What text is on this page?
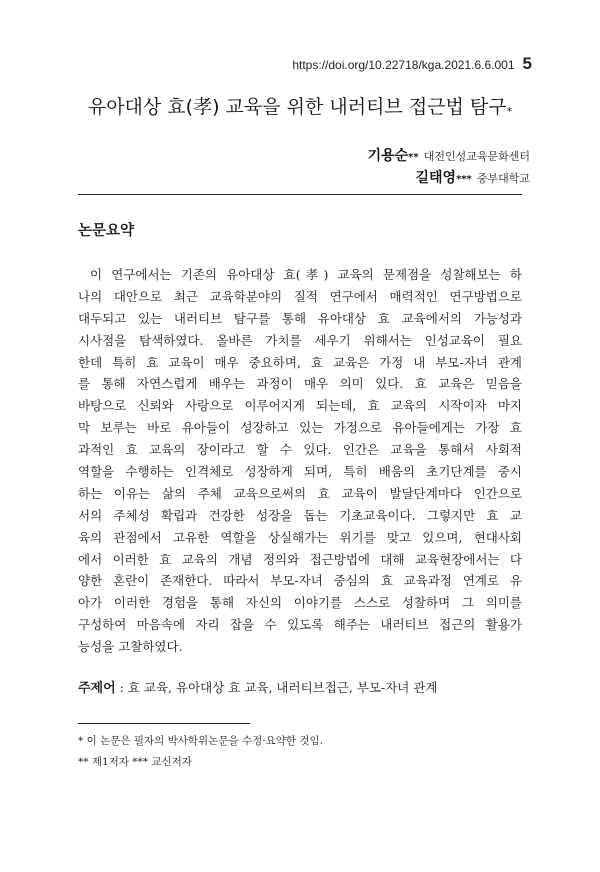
https://doi.org/10.22718/kga.2021.6.6.001 5
유아대상 효(孝) 교육을 위한 내러티브 접근법 탐구*
기용순** 대전인성교육문화센터
길태영*** 중부대학교
논문요약
이 연구에서는 기존의 유아대상 효(孝) 교육의 문제점을 성찰해보는 하
나의 대안으로 최근 교육학분야의 질적 연구에서 매력적인 연구방법으로
대두되고 있는 내러티브 탐구를 통해 유아대상 효 교육에서의 가능성과
시사점을 탐색하였다. 올바른 가치를 세우기 위해서는 인성교육이 필요
한데 특히 효 교육이 매우 중요하며, 효 교육은 가정 내 부모-자녀 관계
를 통해 자연스럽게 배우는 과정이 매우 의미 있다. 효 교육은 믿음을
바탕으로 신뢰와 사랑으로 이루어지게 되는데, 효 교육의 시작이자 마지
막 보루는 바로 유아들이 성장하고 있는 가정으로 유아들에게는 가장 효
과적인 효 교육의 장이라고 할 수 있다. 인간은 교육을 통해서 사회적
역할을 수행하는 인격체로 성장하게 되며, 특히 배움의 초기단계를 중시
하는 이유는 삶의 주체 교육으로써의 효 교육이 발달단계마다 인간으로
서의 주체성 확립과 건강한 성장을 돕는 기초교육이다. 그렇지만 효 교
육의 관점에서 고유한 역할을 상실해가는 위기를 맞고 있으며, 현대사회
에서 이러한 효 교육의 개념 정의와 접근방법에 대해 교육현장에서는 다
양한 혼란이 존재한다. 따라서 부모-자녀 중심의 효 교육과정 연계로 유
아가 이러한 경험을 통해 자신의 이야기를 스스로 성찰하며 그 의미를
구성하여 마음속에 자리 잡을 수 있도록 해주는 내러티브 접근의 활용가
능성을 고찰하였다.
주제어 : 효 교육, 유아대상 효 교육, 내러티브접근, 부모-자녀 관계
* 이 논문은 필자의 박사학위논문을 수정·요약한 것임.
** 제1저자 *** 교신저자
